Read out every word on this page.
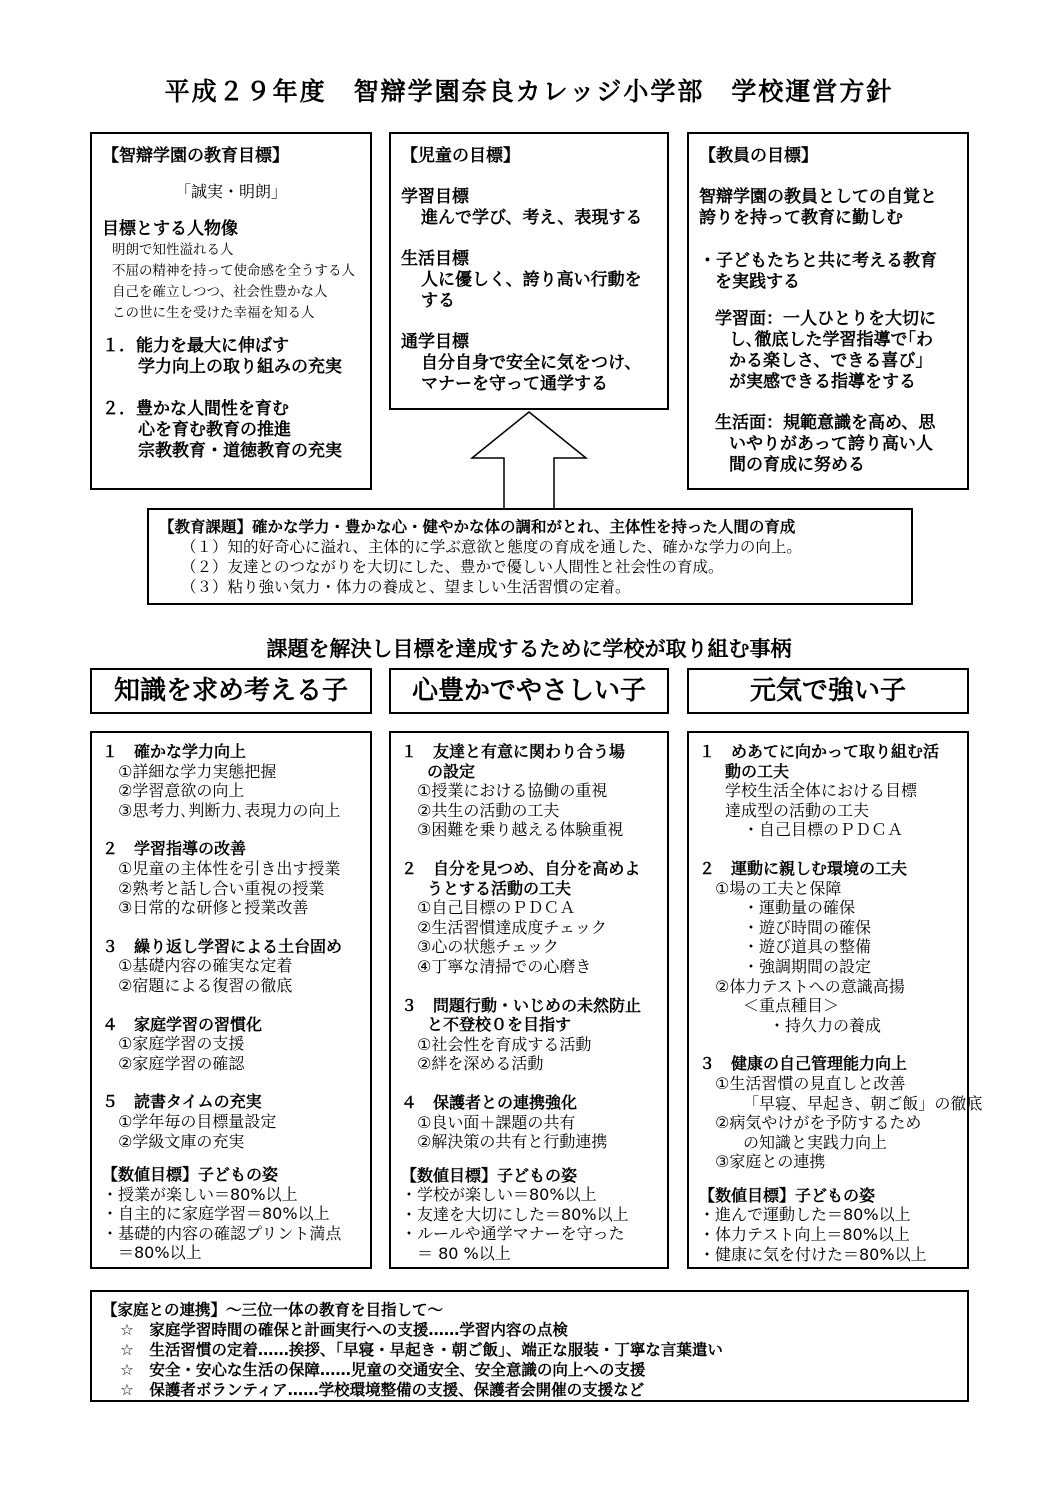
平成２９年度　智辯学園奈良カレッジ小学部　学校運営方針
【智辯学園の教育目標】
「誠実・明朗」
目標とする人物像
明朗で知性溢れる人
不屈の精神を持って使命感を全うする人
自己を確立しつつ、社会性豊かな人
この世に生を受けた幸福を知る人
１．能力を最大に伸ばす
学力向上の取り組みの充実
２．豊かな人間性を育む
心を育む教育の推進
宗教教育・道徳教育の充実
【児童の目標】
学習目標
進んで学び、考え、表現する
生活目標
人に優しく、誇り高い行動を
する
通学目標
自分自身で安全に気をつけ、
マナーを守って通学する
【教員の目標】
智辯学園の教員としての自覚と
誇りを持って教育に勤しむ
・子どもたちと共に考える教育
を実践する
学習面：一人ひとりを大切に
し､徹底した学習指導で｢わ
かる楽しさ、できる喜び｣
が実感できる指導をする
生活面：規範意識を高め、思
いやりがあって誇り高い人
間の育成に努める
【教育課題】確かな学力・豊かな心・健やかな体の調和がとれ、主体性を持った人間の育成
（１）知的好奇心に溢れ、主体的に学ぶ意欲と態度の育成を通した、確かな学力の向上。
（２）友達とのつながりを大切にした、豊かで優しい人間性と社会性の育成。
（３）粘り強い気力・体力の養成と、望ましい生活習慣の定着。
課題を解決し目標を達成するために学校が取り組む事柄
知識を求め考える子	心豊かでやさしい子	元気で強い子
１　確かな学力向上
①詳細な学力実態把握
②学習意欲の向上
③思考力､判断力､表現力の向上
２　学習指導の改善
①児童の主体性を引き出す授業
②熟考と話し合い重視の授業
③日常的な研修と授業改善
３　繰り返し学習による土台固め
①基礎内容の確実な定着
②宿題による復習の徹底
４　家庭学習の習慣化
①家庭学習の支援
②家庭学習の確認
５　読書タイムの充実
①学年毎の目標量設定
②学級文庫の充実
【数値目標】子どもの姿
・授業が楽しい＝80%以上
・自主的に家庭学習＝80%以上
・基礎的内容の確認プリント満点
＝80%以上
１　友達と有意に関わり合う場
の設定
①授業における協働の重視
②共生の活動の工夫
③困難を乗り越える体験重視
２　自分を見つめ、自分を高めよ
うとする活動の工夫
①自己目標のＰＤＣＡ
②生活習慣達成度チェック
③心の状態チェック
④丁寧な清掃での心磨き
３　問題行動・いじめの未然防止
と不登校０を目指す
①社会性を育成する活動
②絆を深める活動
４　保護者との連携強化
①良い面＋課題の共有
②解決策の共有と行動連携
【数値目標】子どもの姿
・学校が楽しい＝80%以上
・友達を大切にした＝80%以上
・ルールや通学マナーを守った
＝ 80 %以上
１　めあてに向かって取り組む活
動の工夫
学校生活全体における目標
達成型の活動の工夫
・自己目標のＰＤＣＡ
２　運動に親しむ環境の工夫
①場の工夫と保障
・運動量の確保
・遊び時間の確保
・遊び道具の整備
・強調期間の設定
②体力テストへの意識高揚
＜重点種目＞
・持久力の養成
３　健康の自己管理能力向上
①生活習慣の見直しと改善
「早寝、早起き、朝ご飯」の徹底
②病気やけがを予防するため
の知識と実践力向上
③家庭との連携
【数値目標】子どもの姿
・進んで運動した＝80%以上
・体力テスト向上＝80%以上
・健康に気を付けた＝80%以上
【家庭との連携】～三位一体の教育を目指して～
☆　家庭学習時間の確保と計画実行への支援……学習内容の点検
☆　生活習慣の定着……挨拶、「早寝・早起き・朝ご飯」、端正な服装・丁寧な言葉遣い
☆　安全・安心な生活の保障……児童の交通安全、安全意識の向上への支援
☆　保護者ボランティア……学校環境整備の支援、保護者会開催の支援など
